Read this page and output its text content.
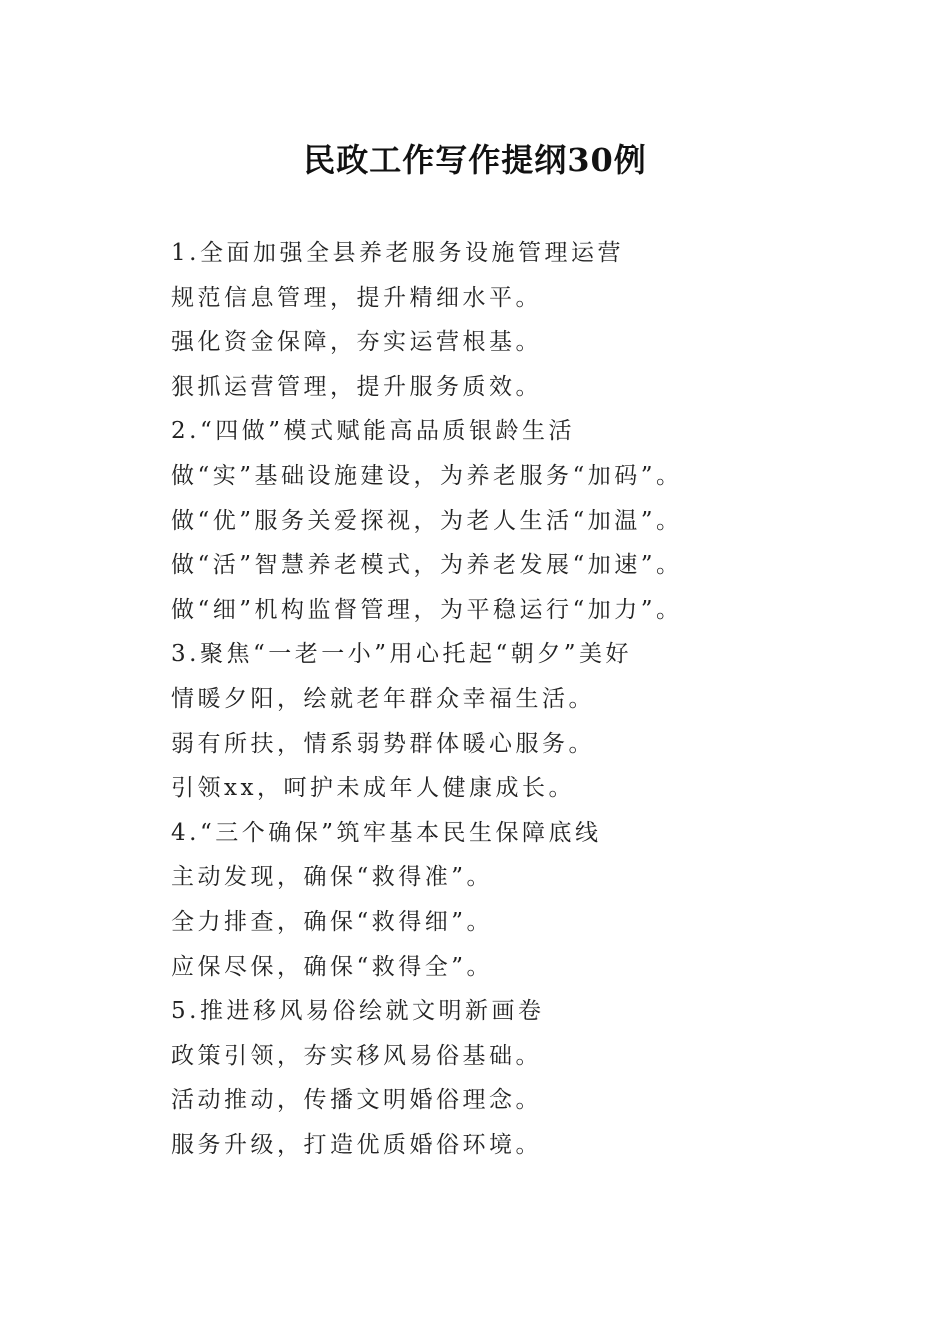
民政工作写作提纲30例
1.全面加强全县养老服务设施管理运营
规范信息管理，提升精细水平。
强化资金保障，夯实运营根基。
狠抓运营管理，提升服务质效。
2.“四做”模式赋能高品质银龄生活
做“实”基础设施建设，为养老服务“加码”。
做“优”服务关爱探视，为老人生活“加温”。
做“活”智慧养老模式，为养老发展“加速”。
做“细”机构监督管理，为平稳运行“加力”。
3.聚焦“一老一小”用心托起“朝夕”美好
情暖夕阳，绘就老年群众幸福生活。
弱有所扶，情系弱势群体暖心服务。
引领xx，呵护未成年人健康成长。
4.“三个确保”筑牢基本民生保障底线
主动发现，确保“救得准”。
全力排查，确保“救得细”。
应保尽保，确保“救得全”。
5.推进移风易俗绘就文明新画卷
政策引领，夯实移风易俗基础。
活动推动，传播文明婚俗理念。
服务升级，打造优质婚俗环境。
